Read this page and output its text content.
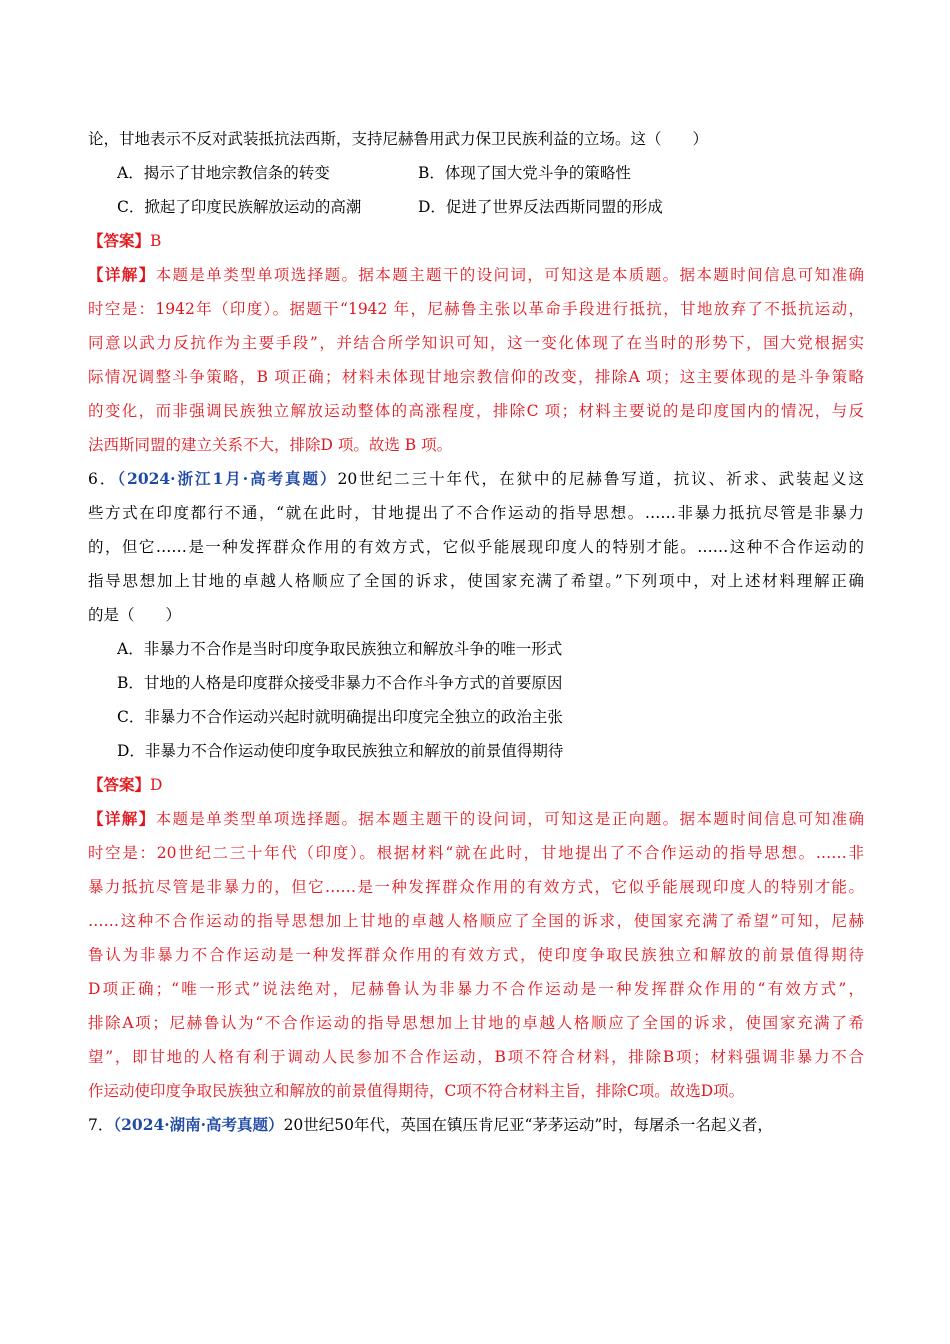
论，甘地表示不反对武装抵抗法西斯，支持尼赫鲁用武力保卫民族利益的立场。这（　　）
A．揭示了甘地宗教信条的转变	B．体现了国大党斗争的策略性
C．掀起了印度民族解放运动的高潮	D．促进了世界反法西斯同盟的形成
【答案】B
【详解】本题是单类型单项选择题。据本题主题干的设问词，可知这是本质题。据本题时间信息可知准确
时空是：1942年（印度）。据题干“1942 年，尼赫鲁主张以革命手段进行抵抗，甘地放弃了不抵抗运动，
同意以武力反抗作为主要手段”，并结合所学知识可知，这一变化体现了在当时的形势下，国大党根据实
际情况调整斗争策略，B 项正确；材料未体现甘地宗教信仰的改变，排除A 项；这主要体现的是斗争策略
的变化，而非强调民族独立解放运动整体的高涨程度，排除C 项；材料主要说的是印度国内的情况，与反
法西斯同盟的建立关系不大，排除D 项。故选 B 项。
6．（2024·浙江1月·高考真题）20世纪二三十年代，在狱中的尼赫鲁写道，抗议、祈求、武装起义这
些方式在印度都行不通，“就在此时，甘地提出了不合作运动的指导思想。……非暴力抵抗尽管是非暴力
的，但它……是一种发挥群众作用的有效方式，它似乎能展现印度人的特别才能。……这种不合作运动的
指导思想加上甘地的卓越人格顺应了全国的诉求，使国家充满了希望。”下列项中，对上述材料理解正确
的是（　　）
A．非暴力不合作是当时印度争取民族独立和解放斗争的唯一形式
B．甘地的人格是印度群众接受非暴力不合作斗争方式的首要原因
C．非暴力不合作运动兴起时就明确提出印度完全独立的政治主张
D．非暴力不合作运动使印度争取民族独立和解放的前景值得期待
【答案】D
【详解】本题是单类型单项选择题。据本题主题干的设问词，可知这是正向题。据本题时间信息可知准确
时空是：20世纪二三十年代（印度）。根据材料“就在此时，甘地提出了不合作运动的指导思想。……非
暴力抵抗尽管是非暴力的，但它……是一种发挥群众作用的有效方式，它似乎能展现印度人的特别才能。
……这种不合作运动的指导思想加上甘地的卓越人格顺应了全国的诉求，使国家充满了希望”可知，尼赫
鲁认为非暴力不合作运动是一种发挥群众作用的有效方式，使印度争取民族独立和解放的前景值得期待
D项正确；“唯一形式”说法绝对，尼赫鲁认为非暴力不合作运动是一种发挥群众作用的“有效方式”，
排除A项；尼赫鲁认为“不合作运动的指导思想加上甘地的卓越人格顺应了全国的诉求，使国家充满了希
望”，即甘地的人格有利于调动人民参加不合作运动，B项不符合材料，排除B项；材料强调非暴力不合
作运动使印度争取民族独立和解放的前景值得期待，C项不符合材料主旨，排除C项。故选D项。
7．（2024·湖南·高考真题）20世纪50年代，英国在镇压肯尼亚“茅茅运动”时，每屠杀一名起义者，
